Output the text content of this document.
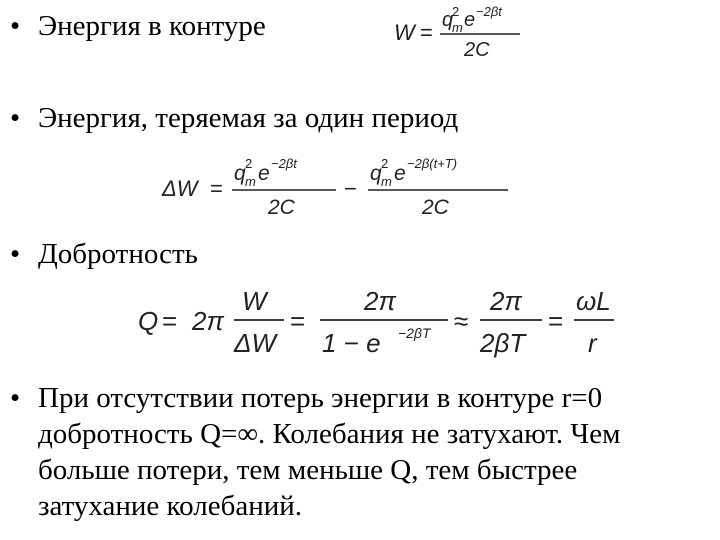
• Энергия в контуре	W = q
2
m e −2βt
2C
• Энергия, теряемая за один период
ΔW =
q 2
m e −2βt
2C
−
q 2
m e −2β(t+T)
2C
• Добротность
Q = 2π
W
ΔW
=
2π
1 − e −2βT ≈
2π
2βT
=
ωL
r
• При отсутствии потерь энергии в контуре r=0
добротность Q=∞. Колебания не затухают. Чем
больше потери, тем меньше Q, тем быстрее
затухание колебаний.
